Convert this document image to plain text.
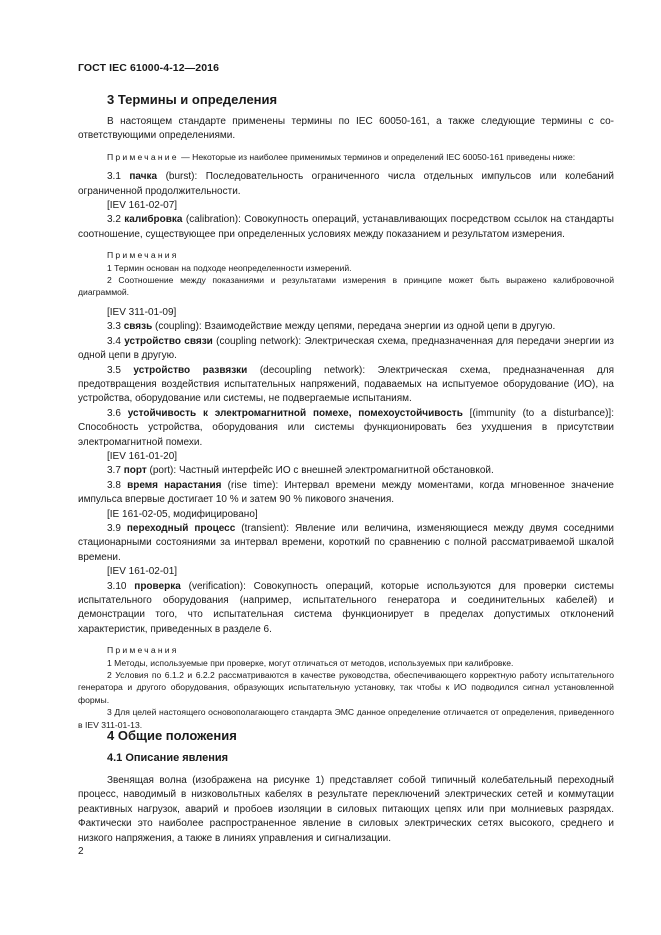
ГОСТ IEC 61000-4-12—2016
3 Термины и определения

В настоящем стандарте применены термины по IEC 60050-161, а также следующие термины с соответствующими определениями.

Примечание — Некоторые из наиболее применимых терминов и определений IEC 60050-161 приведены ниже:

3.1 пачка (burst): Последовательность ограниченного числа отдельных импульсов или колебаний ограниченной продолжительности.

[IEV 161-02-07]

3.2 калибровка (calibration): Совокупность операций, устанавливающих посредством ссылок на стандарты соотношение, существующее при определенных условиях между показанием и результатом измерения.

Примечания

1 Термин основан на подходе неопределенности измерений.

2 Соотношение между показаниями и результатами измерения в принципе может быть выражено калибровочной диаграммой.

[IEV 311-01-09]

3.3 связь (coupling): Взаимодействие между цепями, передача энергии из одной цепи в другую.

3.4 устройство связи (coupling network): Электрическая схема, предназначенная для передачи энергии из одной цепи в другую.

3.5 устройство развязки (decoupling network): Электрическая схема, предназначенная для предотвращения воздействия испытательных напряжений, подаваемых на испытуемое оборудование (ИО), на устройства, оборудование или системы, не подвергаемые испытаниям.

3.6 устойчивость к электромагнитной помехе, помехоустойчивость [(immunity (to a disturbance)]: Способность устройства, оборудования или системы функционировать без ухудшения в присутствии электромагнитной помехи.

[IEV 161-01-20]

3.7 порт (port): Частный интерфейс ИО с внешней электромагнитной обстановкой.

3.8 время нарастания (rise time): Интервал времени между моментами, когда мгновенное значение импульса впервые достигает 10 % и затем 90 % пикового значения.

[IE 161-02-05, модифицировано]

3.9 переходный процесс (transient): Явление или величина, изменяющиеся между двумя соседними стационарными состояниями за интервал времени, короткий по сравнению с полной рассматриваемой шкалой времени.

[IEV 161-02-01]

3.10 проверка (verification): Совокупность операций, которые используются для проверки системы испытательного оборудования (например, испытательного генератора и соединительных кабелей) и демонстрации того, что испытательная система функционирует в пределах допустимых отклонений характеристик, приведенных в разделе 6.

Примечания

1 Методы, используемые при проверке, могут отличаться от методов, используемых при калибровке.

2 Условия по 6.1.2 и 6.2.2 рассматриваются в качестве руководства, обеспечивающего корректную работу испытательного генератора и другого оборудования, образующих испытательную установку, так чтобы к ИО подводился сигнал установленной формы.

3 Для целей настоящего основополагающего стандарта ЭМС данное определение отличается от определения, приведенного в IEV 311-01-13.

4 Общие положения
4.1 Описание явления

Звенящая волна (изображена на рисунке 1) представляет собой типичный колебательный переходный процесс, наводимый в низковольтных кабелях в результате переключений электрических сетей и коммутации реактивных нагрузок, аварий и пробоев изоляции в силовых питающих цепях или при молниевых разрядах. Фактически это наиболее распространенное явление в силовых электрических сетях высокого, среднего и низкого напряжения, а также в линиях управления и сигнализации.

2
